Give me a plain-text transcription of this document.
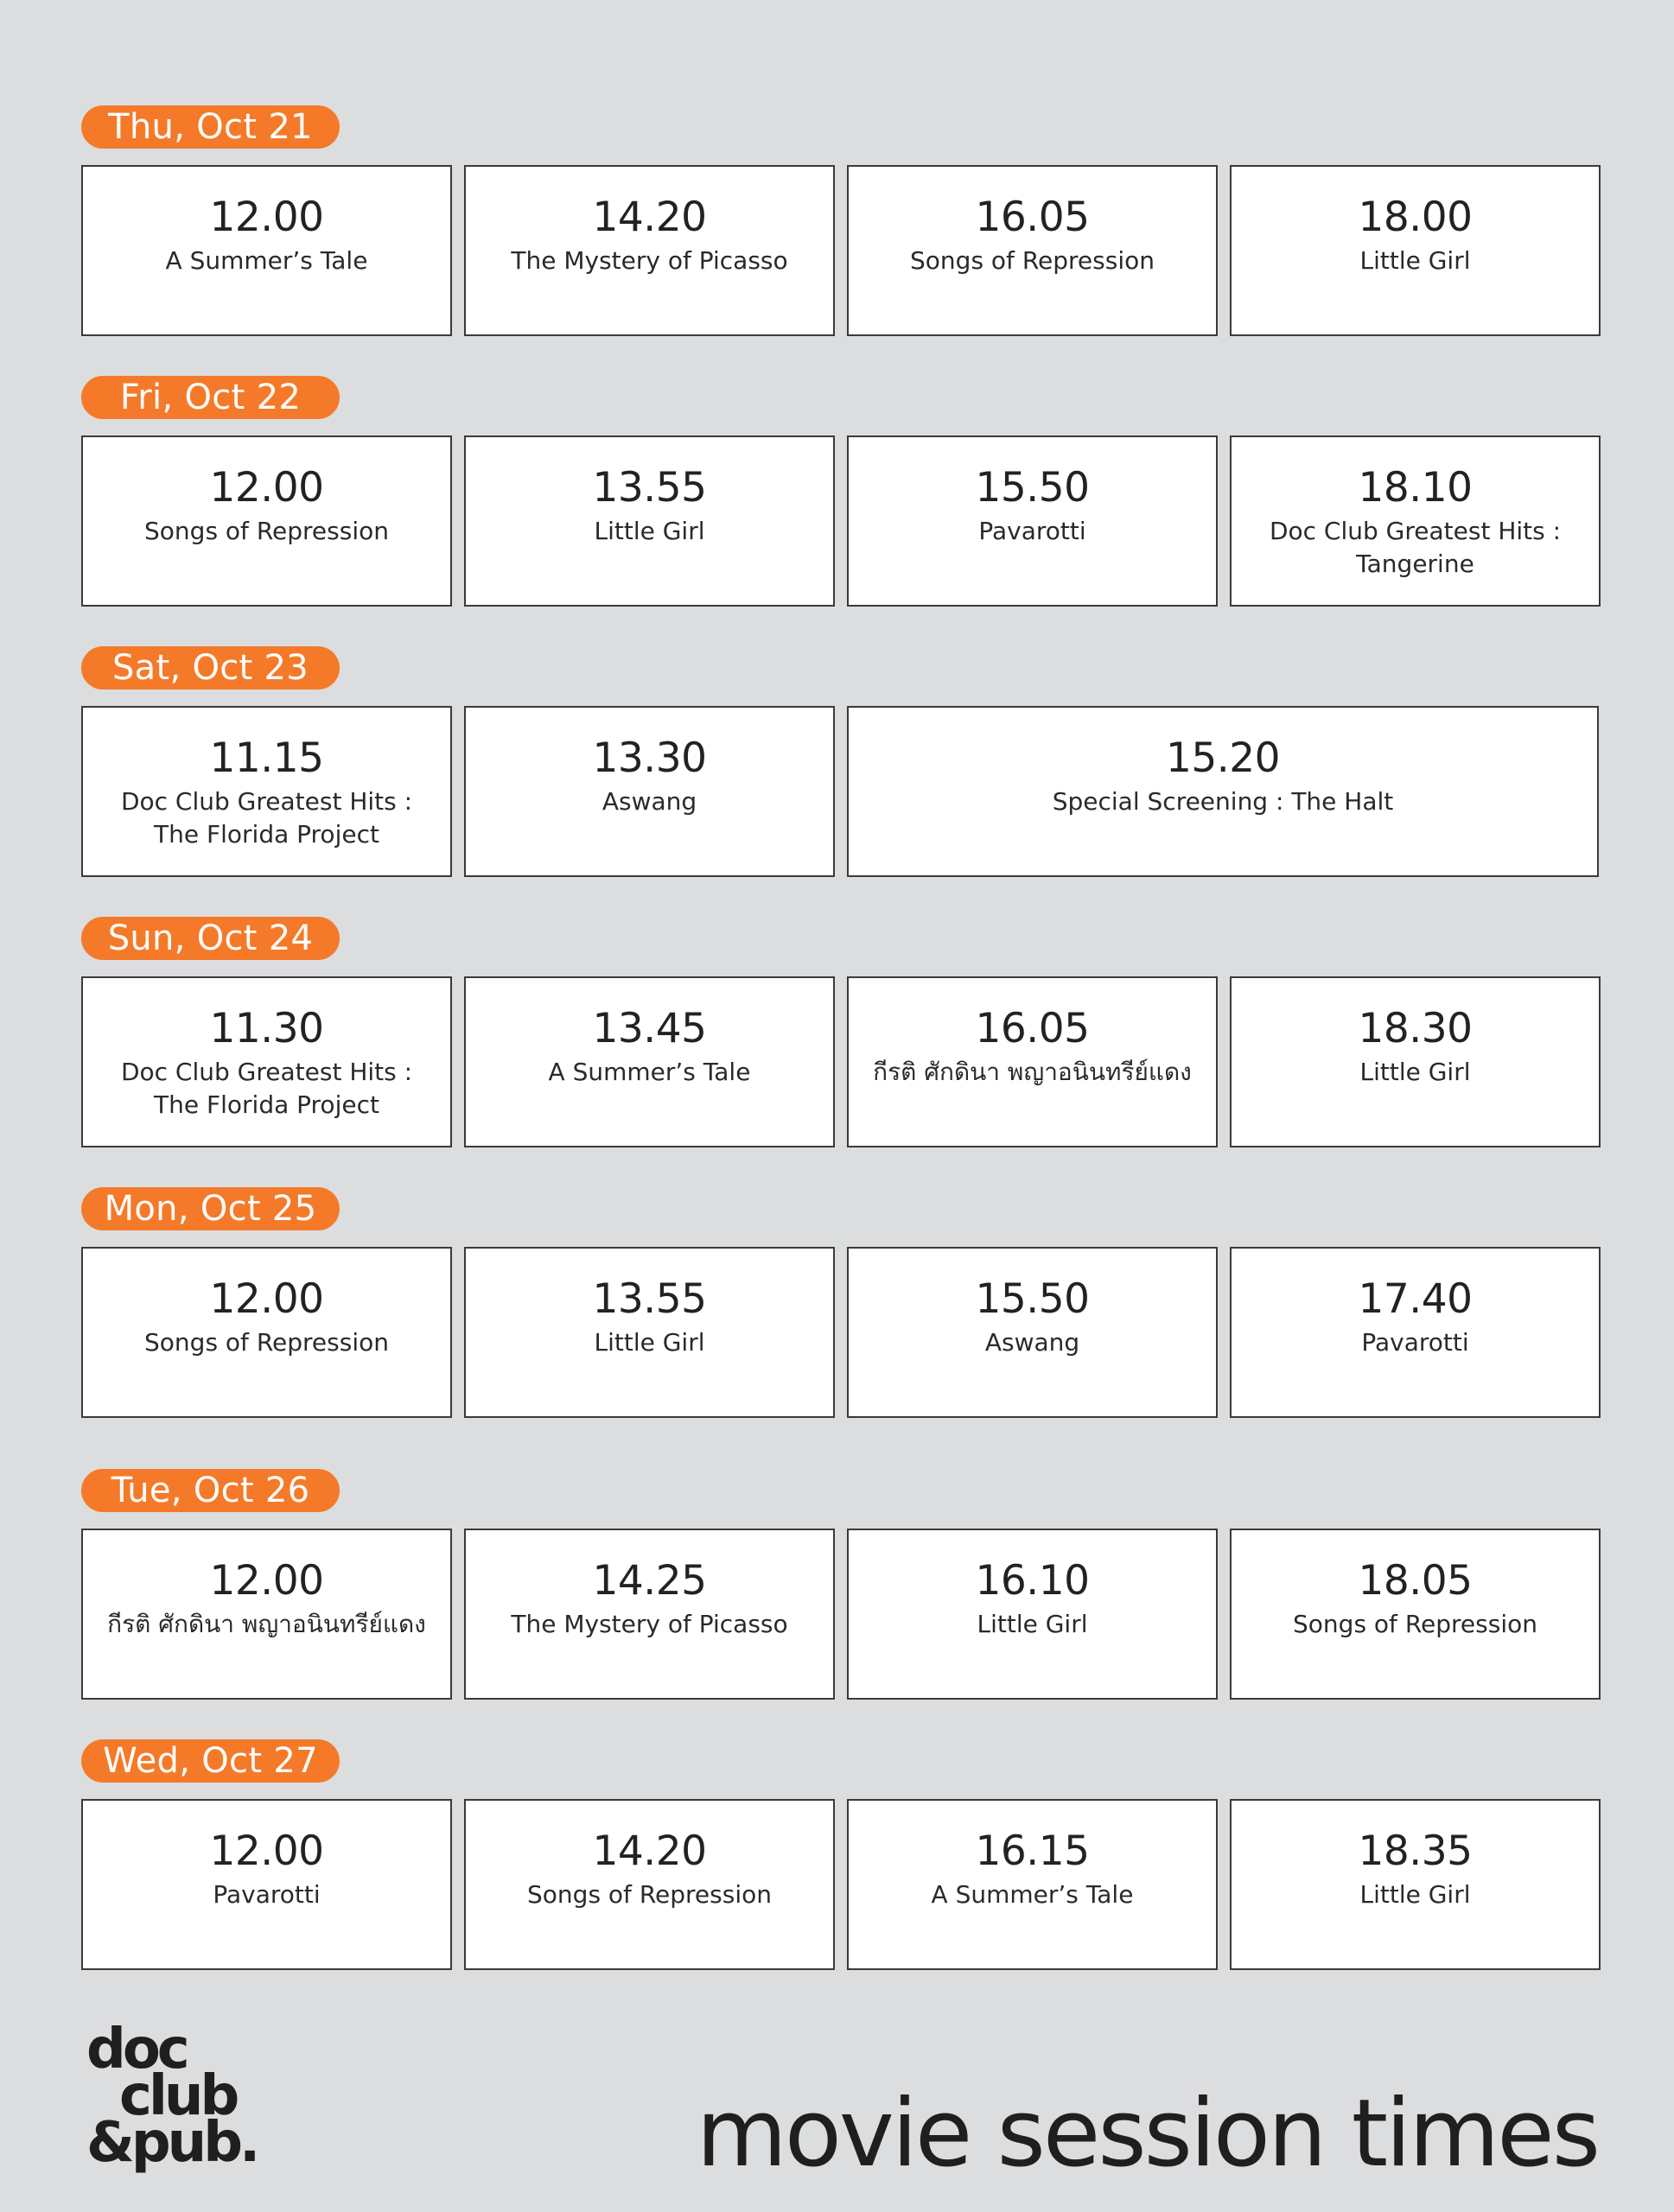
Thu, Oct 21
12.00
A Summer’s Tale
14.20
The Mystery of Picasso
16.05
Songs of Repression
18.00
Little Girl
Fri, Oct 22
12.00
Songs of Repression
13.55
Little Girl
15.50
Pavarotti
18.10
Doc Club Greatest Hits :
Tangerine
Sat, Oct 23
11.15
Doc Club Greatest Hits :
The Florida Project
13.30
Aswang
15.20
Special Screening : The Halt
Sun, Oct 24
11.30
Doc Club Greatest Hits :
The Florida Project
13.45
A Summer’s Tale
16.05
กีรติ ศักดินา พญาอนินทรีย์แดง
18.30
Little Girl
Mon, Oct 25
12.00
Songs of Repression
13.55
Little Girl
15.50
Aswang
17.40
Pavarotti
Tue, Oct 26
12.00
กีรติ ศักดินา พญาอนินทรีย์แดง
14.25
The Mystery of Picasso
16.10
Little Girl
18.05
Songs of Repression
Wed, Oct 27
12.00
Pavarotti
14.20
Songs of Repression
16.15
A Summer’s Tale
18.35
Little Girl
doc
club
&pub.	movie session times
